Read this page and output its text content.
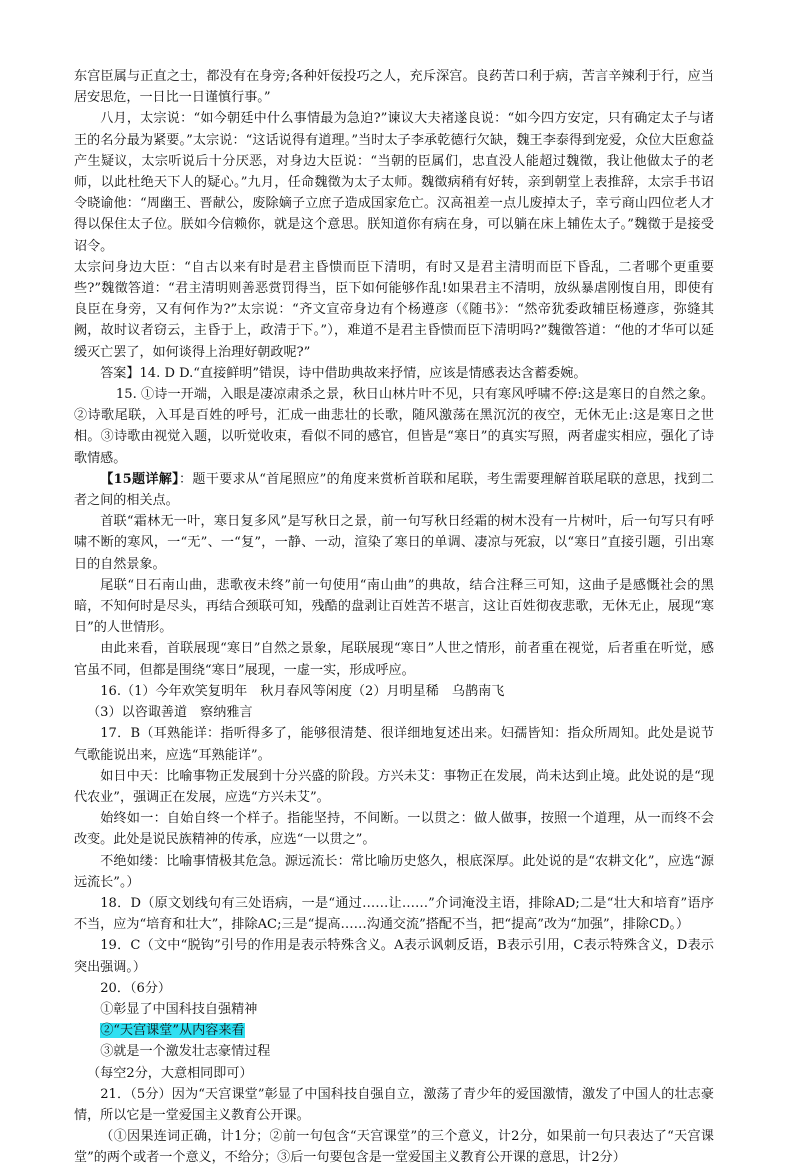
东宫臣属与正直之士，都没有在身旁;各种奸佞投巧之人，充斥深宫。良药苦口利于病，苦言辛辣利于行，应当居安思危，一日比一日谨慎行事。”

八月，太宗说：“如今朝廷中什么事情最为急迫?”谏议大夫褚遂良说：“如今四方安定，只有确定太子与诸王的名分最为紧要。”太宗说：“这话说得有道理。”当时太子李承乾德行欠缺，魏王李泰得到宠爱，众位大臣愈益产生疑议，太宗听说后十分厌恶，对身边大臣说：“当朝的臣属们，忠直没人能超过魏徵，我让他做太子的老师，以此杜绝天下人的疑心。”九月，任命魏徵为太子太师。魏徵病稍有好转，亲到朝堂上表推辞，太宗手书诏令晓谕他：“周幽王、晋献公，废除嫡子立庶子造成国家危亡。汉高祖差一点儿废掉太子，幸亏商山四位老人才得以保住太子位。朕如今信赖你，就是这个意思。朕知道你有病在身，可以躺在床上辅佐太子。”魏徵于是接受诏令。

太宗问身边大臣：“自古以来有时是君主昏愦而臣下清明，有时又是君主清明而臣下昏乱，二者哪个更重要些?”魏徵答道：“君主清明则善恶赏罚得当，臣下如何能够作乱!如果君主不清明，放纵暴虐刚愎自用，即使有良臣在身旁，又有何作为?”太宗说：“齐文宣帝身边有个杨遵彦（《随书》：“然帝犹委政辅臣杨遵彦，弥缝其阙，故时议者窃云，主昏于上，政清于下。”），难道不是君主昏愦而臣下清明吗?”魏徵答道：“他的才华可以延缓灭亡罢了，如何谈得上治理好朝政呢?”

答案】14. D D.“直接鲜明”错误，诗中借助典故来抒情，应该是情感表达含蓄委婉。

15. ①诗一开端，入眼是凄凉肃杀之景，秋日山林片叶不见，只有寒风呼啸不停:这是寒日的自然之象。②诗歌尾联，入耳是百姓的呼号，汇成一曲悲壮的长歌，随风激荡在黑沉沉的夜空，无休无止:这是寒日之世相。③诗歌由视觉入题，以听觉收束，看似不同的感官，但皆是“寒日”的真实写照，两者虚实相应，强化了诗歌情感。

【15题详解】：题干要求从“首尾照应”的角度来赏析首联和尾联，考生需要理解首联尾联的意思，找到二者之间的相关点。

首联“霜林无一叶，寒日复多风”是写秋日之景，前一句写秋日经霜的树木没有一片树叶，后一句写只有呼啸不断的寒风，一“无”、一“复”，一静、一动，渲染了寒日的单调、凄凉与死寂，以“寒日”直接引题，引出寒日的自然景象。

尾联“日石南山曲，悲歌夜未终”前一句使用“南山曲”的典故，结合注释三可知，这曲子是感慨社会的黑暗，不知何时是尽头，再结合颈联可知，残酷的盘剥让百姓苦不堪言，这让百姓彻夜悲歌，无休无止，展现“寒日”的人世情形。

由此来看，首联展现“寒日”自然之景象，尾联展现“寒日”人世之情形，前者重在视觉，后者重在听觉，感官虽不同，但都是围绕“寒日”展现，一虚一实，形成呼应。

16.（1）今年欢笑复明年　秋月春风等闲度（2）月明星稀　乌鹊南飞

（3）以咨诹善道　察纳雅言

17．B（耳熟能详：指听得多了，能够很清楚、很详细地复述出来。妇孺皆知：指众所周知。此处是说节气歌能说出来，应选“耳熟能详”。

如日中天：比喻事物正发展到十分兴盛的阶段。方兴未艾：事物正在发展，尚未达到止境。此处说的是“现代农业”，强调正在发展，应选“方兴未艾”。

始终如一：自始自终一个样子。指能坚持，不间断。一以贯之：做人做事，按照一个道理，从一而终不会改变。此处是说民族精神的传承，应选“一以贯之”。

不绝如缕：比喻事情极其危急。源远流长：常比喻历史悠久，根底深厚。此处说的是“农耕文化”，应选“源远流长”。）

18．D（原文划线句有三处语病，一是“通过……让……”介词淹没主语，排除AD;二是“壮大和培育”语序不当，应为“培育和壮大”，排除AC;三是“提高……沟通交流”搭配不当，把“提高”改为“加强”，排除CD。）

19．C（文中“脱钩”引号的作用是表示特殊含义。A表示讽刺反语，B表示引用，C表示特殊含义，D表示突出强调。）

20．（6分）

①彰显了中国科技自强精神

②“天宫课堂”从内容来看

③就是一个激发壮志豪情过程

（每空2分，大意相同即可）

21．（5分）因为“天宫课堂”彰显了中国科技自强自立，激荡了青少年的爱国激情，激发了中国人的壮志豪情，所以它是一堂爱国主义教育公开课。

（①因果连词正确，计1分；②前一句包含“天宫课堂”的三个意义，计2分，如果前一句只表达了“天宫课堂”的两个或者一个意义，不给分；③后一句要包含是一堂爱国主义教育公开课的意思，计2分）
